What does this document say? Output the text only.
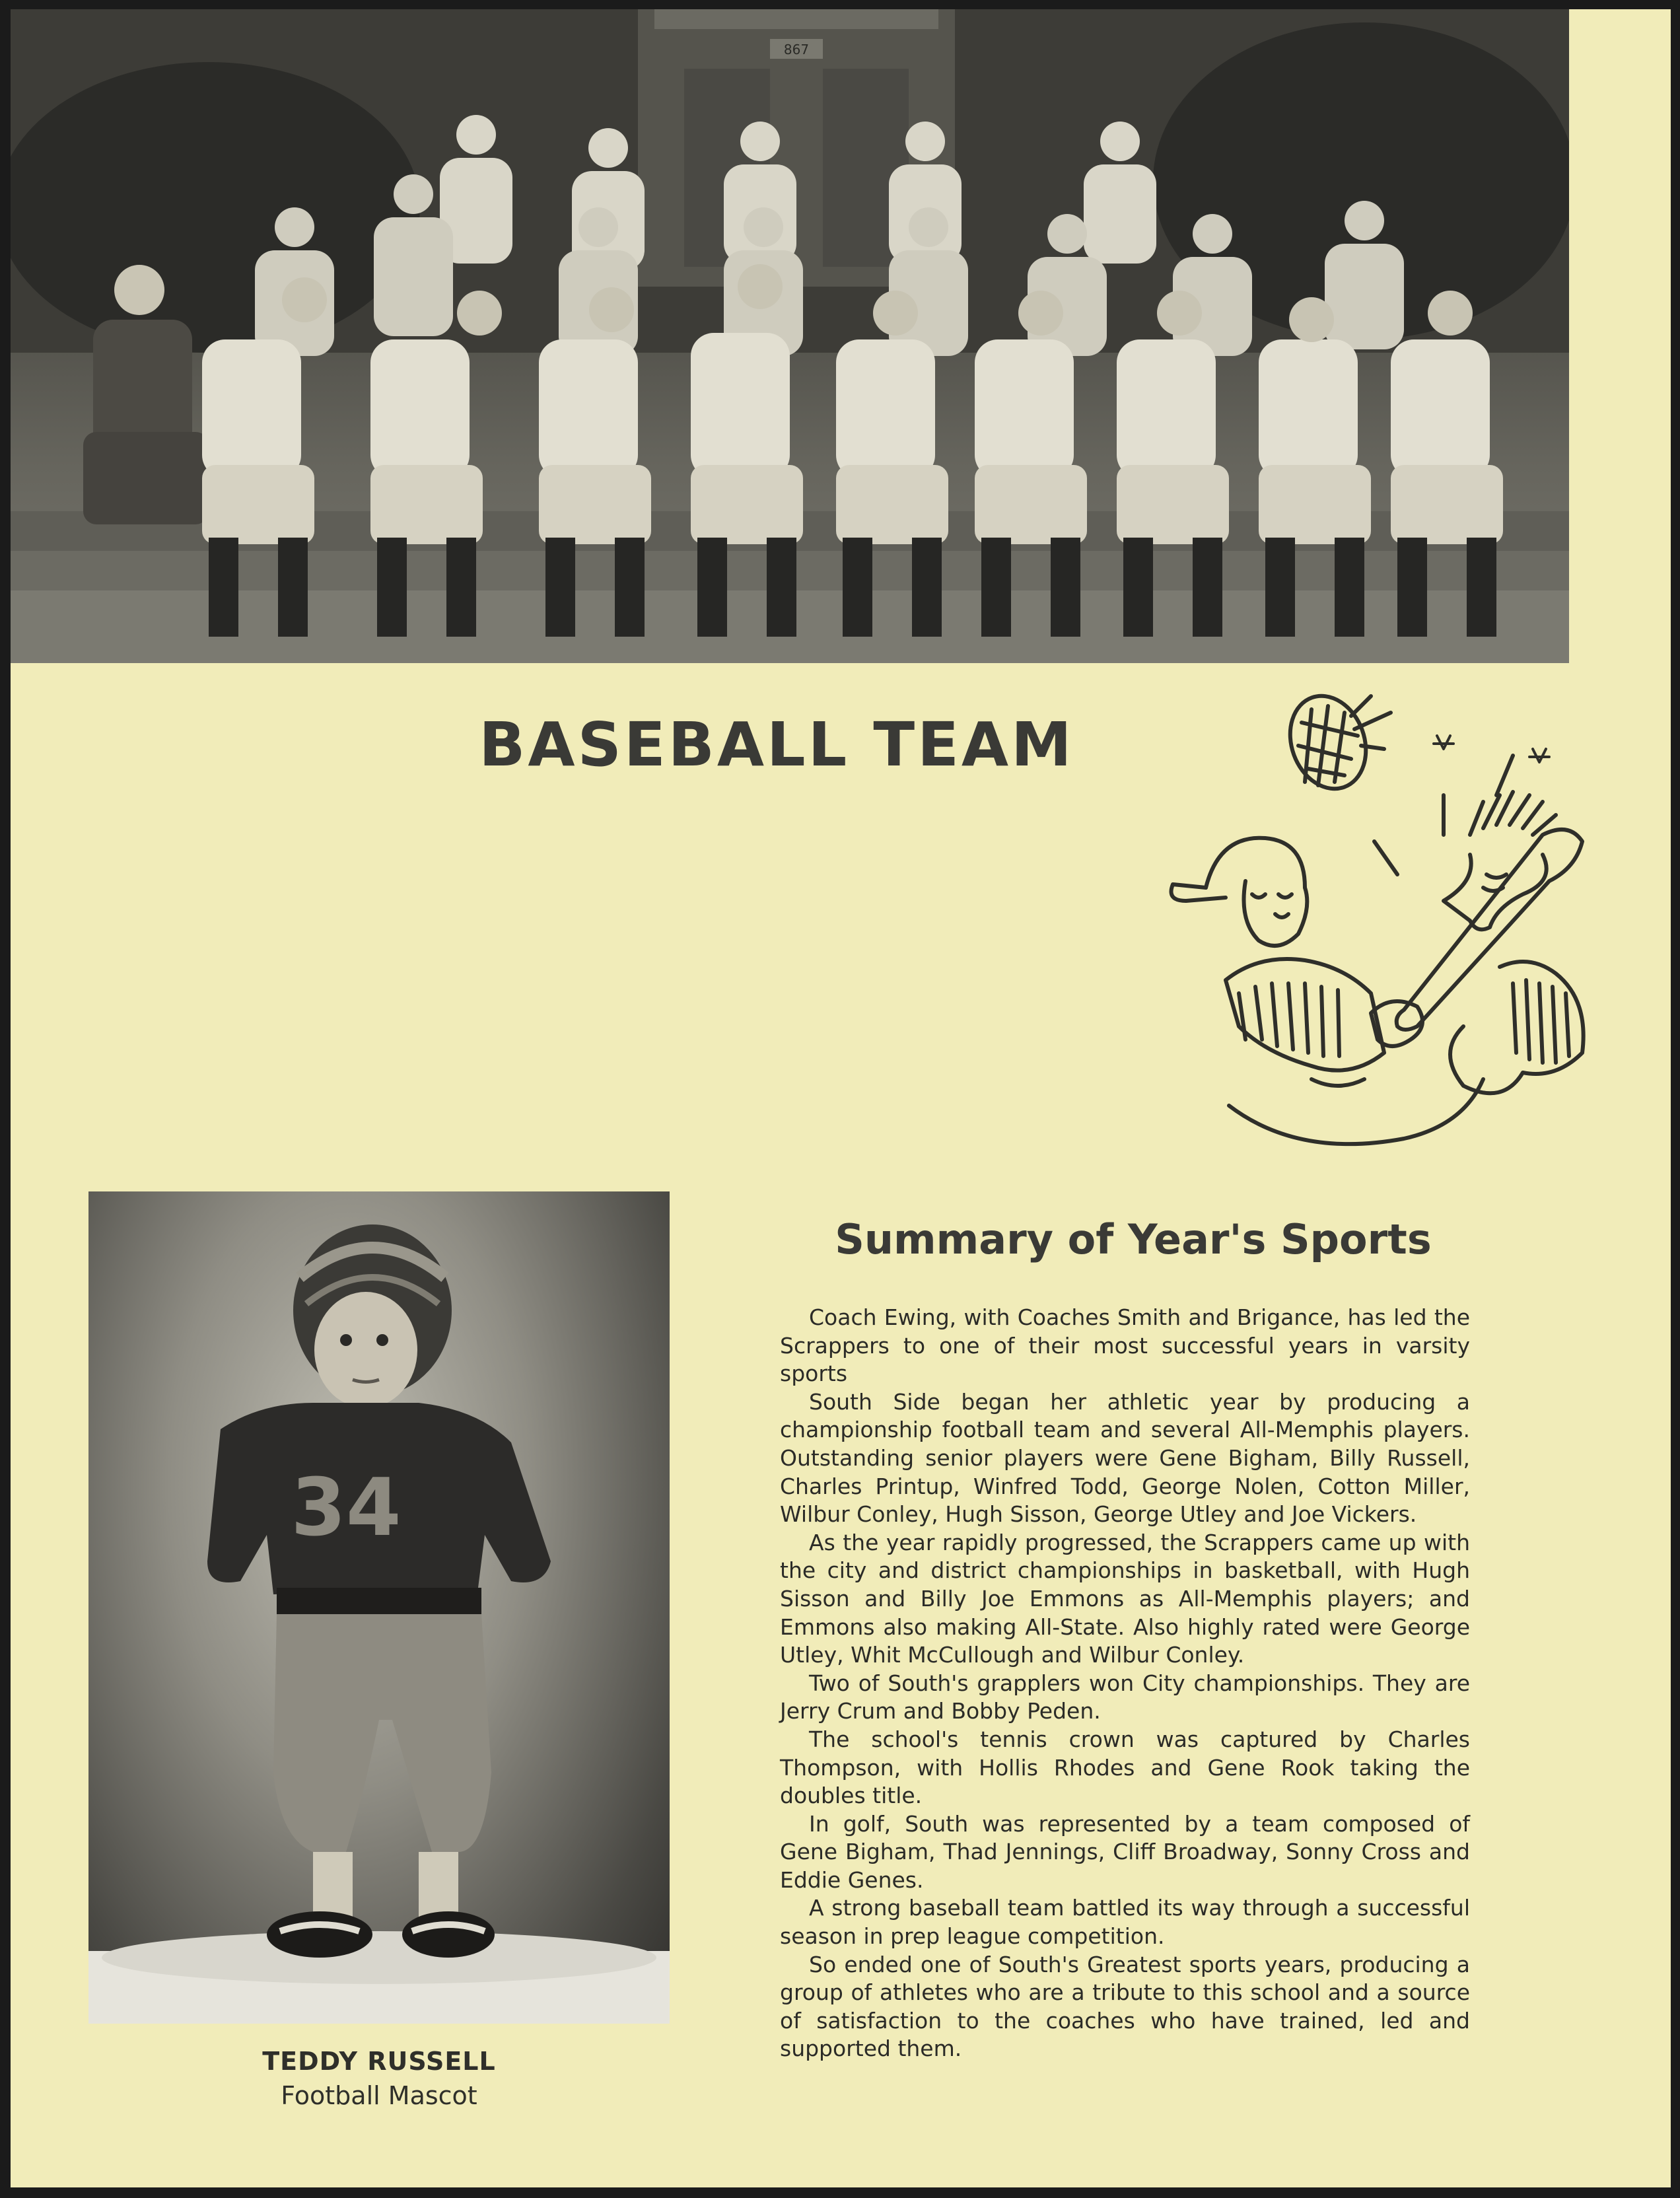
867
BASEBALL TEAM
34
TEDDY RUSSELL
Football Mascot
Summary of Year's Sports

Coach Ewing, with Coaches Smith and Brigance, has led the Scrappers to one of their most successful years in varsity sports

South Side began her athletic year by producing a championship football team and several All-Memphis players. Outstanding senior players were Gene Bigham, Billy Russell, Charles Printup, Winfred Todd, George Nolen, Cotton Miller, Wilbur Conley, Hugh Sisson, George Utley and Joe Vickers.

As the year rapidly progressed, the Scrappers came up with the city and district championships in basketball, with Hugh Sisson and Billy Joe Emmons as All-Memphis players; and Emmons also making All-State. Also highly rated were George Utley, Whit McCullough and Wilbur Conley.

Two of South's grapplers won City championships. They are Jerry Crum and Bobby Peden.

The school's tennis crown was captured by Charles Thompson, with Hollis Rhodes and Gene Rook taking the doubles title.

In golf, South was represented by a team composed of Gene Bigham, Thad Jennings, Cliff Broadway, Sonny Cross and Eddie Genes.

A strong baseball team battled its way through a successful season in prep league competition.

So ended one of South's Greatest sports years, producing a group of athletes who are a tribute to this school and a source of satisfaction to the coaches who have trained, led and supported them.
